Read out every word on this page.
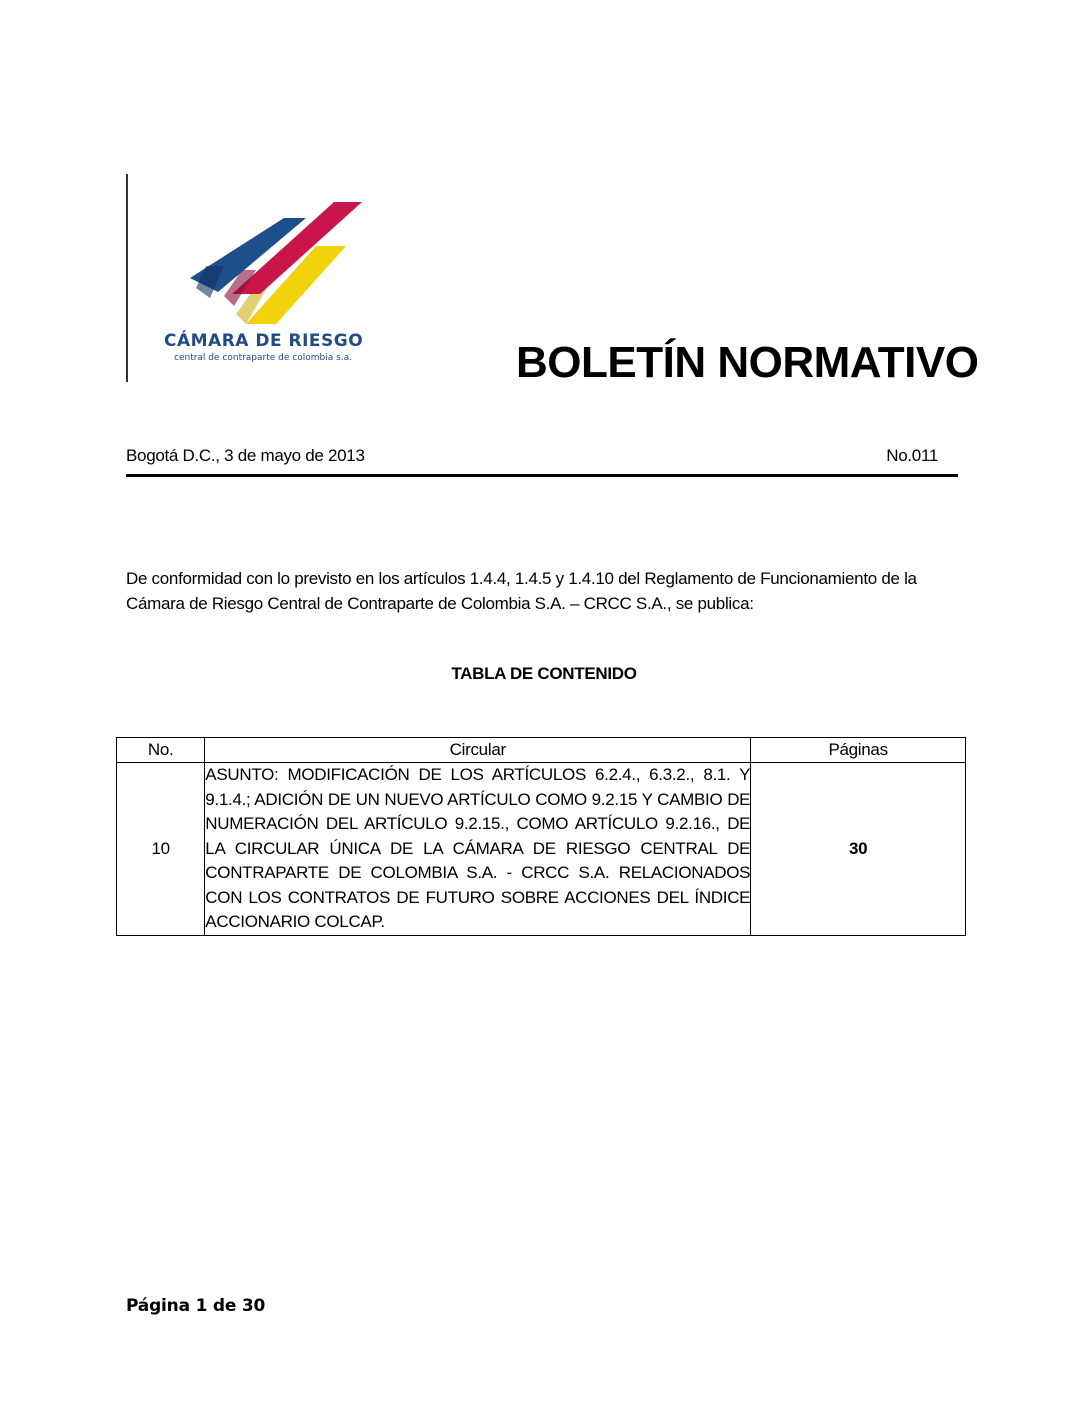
CÁMARA DE RIESGO
central de contraparte de colombia s.a.	BOLETÍN NORMATIVO
Bogotá D.C., 3 de mayo de 2013	No.011
De conformidad con lo previsto en los artículos 1.4.4, 1.4.5 y 1.4.10 del Reglamento de Funcionamiento de la Cámara de Riesgo Central de Contraparte de Colombia S.A. – CRCC S.A., se publica:
TABLA DE CONTENIDO
No.	Circular	Páginas
10	ASUNTO: MODIFICACIÓN DE LOS ARTÍCULOS 6.2.4., 6.3.2., 8.1. Y 9.1.4.; ADICIÓN DE UN NUEVO ARTÍCULO COMO 9.2.15 Y CAMBIO DE NUMERACIÓN DEL ARTÍCULO 9.2.15., COMO ARTÍCULO 9.2.16., DE LA CIRCULAR ÚNICA DE LA CÁMARA DE RIESGO CENTRAL DE CONTRAPARTE DE COLOMBIA S.A. - CRCC S.A. RELACIONADOS CON LOS CONTRATOS DE FUTURO SOBRE ACCIONES DEL ÍNDICE ACCIONARIO COLCAP.	30
Página 1 de 30
